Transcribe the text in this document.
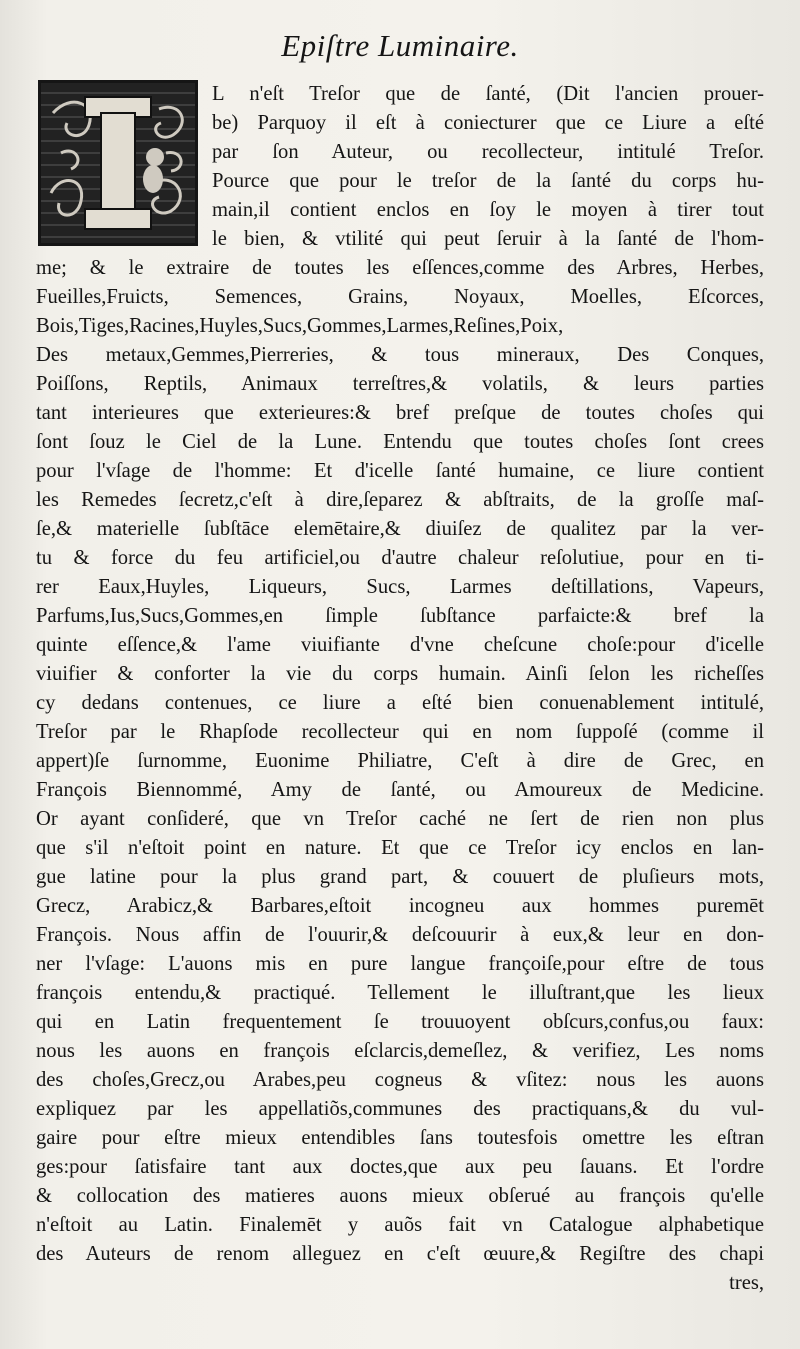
Epiſtre Luminaire.
L n'eſt Treſor que de ſanté, (Dit l'ancien prouer-
be) Parquoy il eſt à coniecturer que ce Liure a eſté
par ſon Auteur, ou recollecteur, intitulé Treſor.
Pource que pour le treſor de la ſanté du corps hu-
main,il contient enclos en ſoy le moyen à tirer tout
le bien, & vtilité qui peut ſeruir à la ſanté de l'hom-
me; & le extraire de toutes les eſſences,comme des Arbres, Herbes,
Fueilles,Fruicts, Semences, Grains, Noyaux, Moelles, Eſcorces,
Bois,Tiges,Racines,Huyles,Sucs,Gommes,Larmes,Reſines,Poix,
Des metaux,Gemmes,Pierreries, & tous mineraux, Des Conques,
Poiſſons, Reptils, Animaux terreſtres,& volatils, & leurs parties
tant interieures que exterieures:& bref preſque de toutes choſes qui
ſont ſouz le Ciel de la Lune. Entendu que toutes choſes ſont crees
pour l'vſage de l'homme: Et d'icelle ſanté humaine, ce liure contient
les Remedes ſecretz,c'eſt à dire,ſeparez & abſtraits, de la groſſe maſ-
ſe,& materielle ſubſtāce elemētaire,& diuiſez de qualitez par la ver-
tu & force du feu artificiel,ou d'autre chaleur reſolutiue, pour en ti-
rer Eaux,Huyles, Liqueurs, Sucs, Larmes deſtillations, Vapeurs,
Parfums,Ius,Sucs,Gommes,en ſimple ſubſtance parfaicte:& bref la
quinte eſſence,& l'ame viuifiante d'vne cheſcune choſe:pour d'icelle
viuifier & conforter la vie du corps humain. Ainſi ſelon les richeſſes
cy dedans contenues, ce liure a eſté bien conuenablement intitulé,
Treſor par le Rhapſode recollecteur qui en nom ſuppoſé (comme il
appert)ſe ſurnomme, Euonime Philiatre, C'eſt à dire de Grec, en
François Biennommé, Amy de ſanté, ou Amoureux de Medicine.
Or ayant conſideré, que vn Treſor caché ne ſert de rien non plus
que s'il n'eſtoit point en nature. Et que ce Treſor icy enclos en lan-
gue latine pour la plus grand part, & couuert de pluſieurs mots,
Grecz, Arabicz,& Barbares,eſtoit incogneu aux hommes puremēt
François. Nous affin de l'ouurir,& deſcouurir à eux,& leur en don-
ner l'vſage: L'auons mis en pure langue françoiſe,pour eſtre de tous
françois entendu,& practiqué. Tellement le illuſtrant,que les lieux
qui en Latin frequentement ſe trouuoyent obſcurs,confus,ou faux:
nous les auons en françois eſclarcis,demeſlez, & verifiez, Les noms
des choſes,Grecz,ou Arabes,peu cogneus & vſitez: nous les auons
expliquez par les appellatiõs,communes des practiquans,& du vul-
gaire pour eſtre mieux entendibles ſans toutesfois omettre les eſtran
ges:pour ſatisfaire tant aux doctes,que aux peu ſauans. Et l'ordre
& collocation des matieres auons mieux obſerué au françois qu'elle
n'eſtoit au Latin. Finalemēt y auõs fait vn Catalogue alphabetique
des Auteurs de renom alleguez en c'eſt œuure,& Regiſtre des chapi
tres,
